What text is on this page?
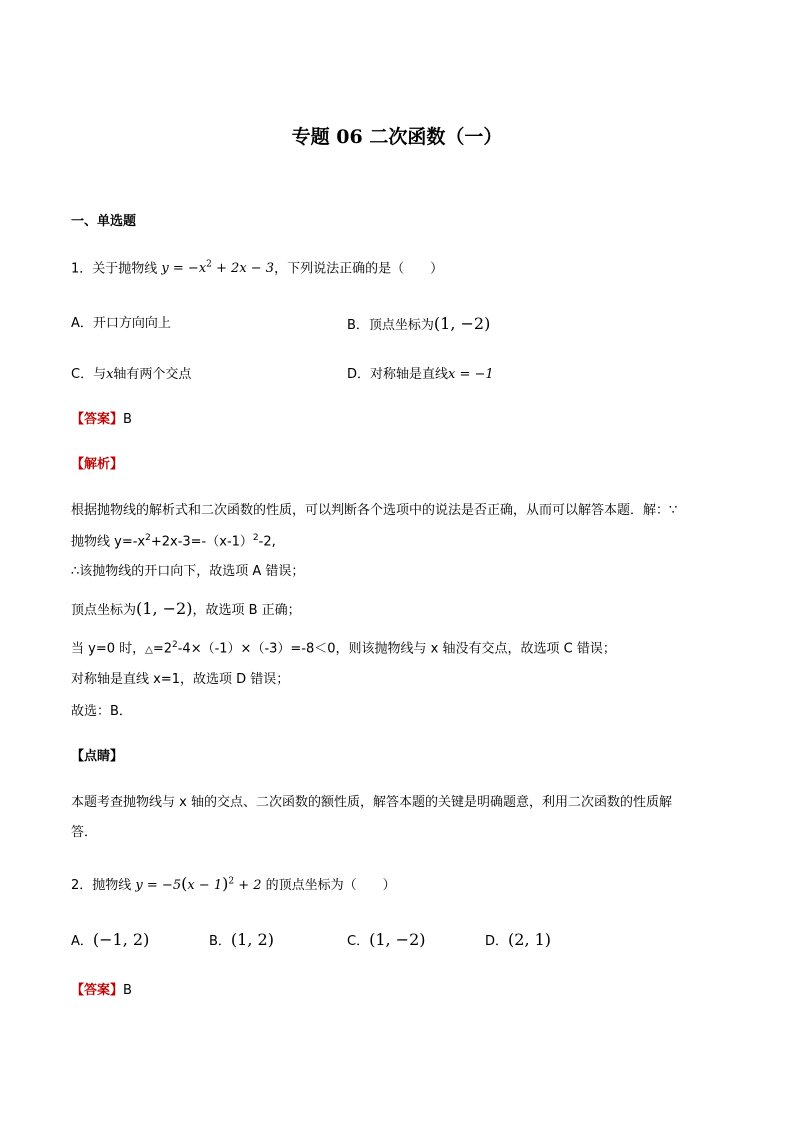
专题 06 二次函数（一）
一、单选题
1．关于抛物线 $y = -x^2 + 2x - 3$，下列说法正确的是（　　）
A．开口方向向上	B．顶点坐标为(1, −2)
C．与x轴有两个交点	D．对称轴是直线x = −1
【答案】B
【解析】
根据抛物线的解析式和二次函数的性质，可以判断各个选项中的说法是否正确，从而可以解答本题．解：∵
抛物线 $y=-x^2+2x-3=-(x-1)^2-2$,
∴该抛物线的开口向下，故选项 A 错误；
顶点坐标为(1, −2)，故选项 B 正确；
当 y=0 时，$\triangle=2^2-4\times(-1)\times(-3)=-8<0$，则该抛物线与 x 轴没有交点，故选项 C 错误；
对称轴是直线 x=1，故选项 D 错误；
故选：B．
【点睛】
本题考查抛物线与 x 轴的交点、二次函数的额性质，解答本题的关键是明确题意，利用二次函数的性质解
答．
2．抛物线 $y = -5(x - 1)^2 + 2$ 的顶点坐标为（　　）
A．(−1, 2)	B．(1, 2)	C．(1, −2)	D．(2, 1)
【答案】B
